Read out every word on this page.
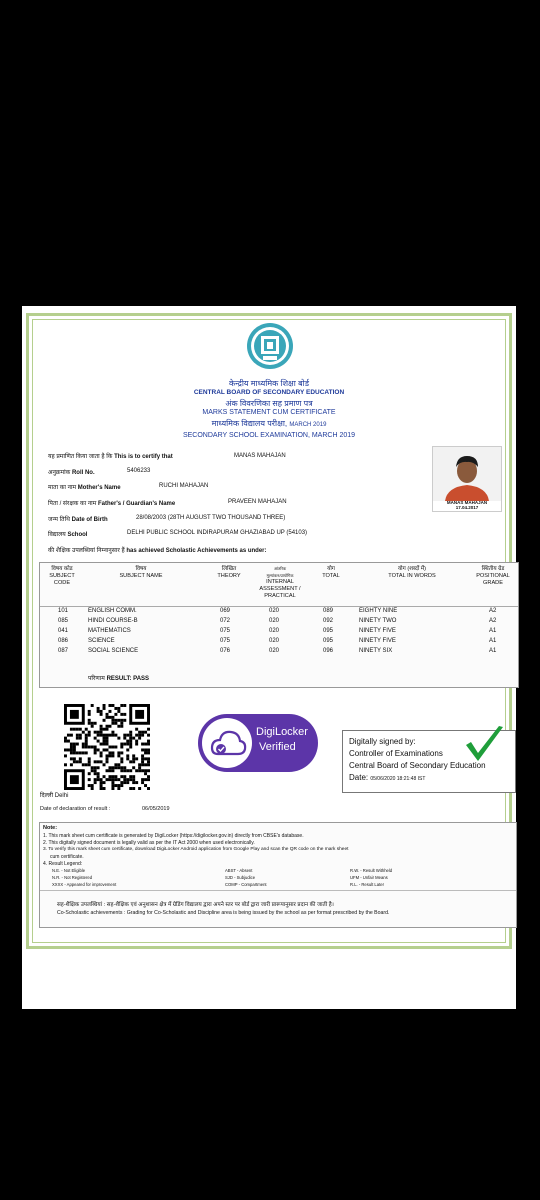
केन्द्रीय माध्यमिक शिक्षा बोर्ड
CENTRAL BOARD OF SECONDARY EDUCATION
अंक विवरणिका सह प्रमाण पत्र
MARKS STATEMENT CUM CERTIFICATE
माध्यमिक विद्यालय परीक्षा, MARCH 2019
SECONDARY SCHOOL EXAMINATION, MARCH 2019
यह प्रमाणित किया जाता है कि This is to certify that	MANAS MAHAJAN
अनुक्रमांक Roll No.	5406233
माता का नाम Mother's Name	RUCHI MAHAJAN
पिता / संरक्षक का नाम Father's / Guardian's Name	PRAVEEN MAHAJAN
जन्म तिथि Date of Birth	28/08/2003 (28TH AUGUST TWO THOUSAND THREE)
विद्यालय School	DELHI PUBLIC SCHOOL INDIRAPURAM GHAZIABAD UP (54103)
की शैक्षिक उपलब्धियां निम्नानुसार हैं has achieved Scholastic Achievements as under:
MANAS MAHAJAN
17.04.2017
विषय कोड
SUBJECT
CODE
विषय
SUBJECT NAME
लिखित
THEORY
आंतरिक
मूल्यांकन/प्रायोगिक
INTERNAL
ASSESSMENT /
PRACTICAL
योग
TOTAL
योग (शब्दों में)
TOTAL IN WORDS
स्थितीय ग्रेड
POSITIONAL
GRADE
101	ENGLISH COMM.	069	020	089	EIGHTY NINE	A2
085	HINDI COURSE-B	072	020	092	NINETY TWO	A2
041	MATHEMATICS	075	020	095	NINETY FIVE	A1
086	SCIENCE	075	020	095	NINETY FIVE	A1
087	SOCIAL SCIENCE	076	020	096	NINETY SIX	A1
परिणाम RESULT: PASS
DigiLocker
Verified	Digitally signed by:
Controller of Examinations
Central Board of Secondary Education
Date: 05/06/2020 18:21:48 IST
दिल्ली Delhi
Date of declaration of result :	06/05/2019
Note:
1. This mark sheet cum certificate is generated by DigiLocker (https://digilocker.gov.in) directly from CBSE's database.
2. This digitally signed document is legally valid as per the IT Act 2000 when used electronically.
3. To verify this mark sheet cum certificate, download DigiLocker Android application from Google Play and scan the QR code on the mark sheet
cum certificate.
4. Result Legend:
N.E. - Not Eligible	ABST - Absent	R.W. - Result Withheld
N.R. - Not Registered	SJD - Subjudice	UFM - Unfair Means
XXXX - Appeared for improvement	COMP - Compartment	R.L. - Result Later
सह-शैक्षिक उपलब्धियां : सह-शैक्षिक एवं अनुशासन क्षेत्र में ग्रेडिंग विद्यालय द्वारा अपने स्तर पर बोर्ड द्वारा जारी प्रारूपानुसार प्रदान की जाती है।
Co-Scholastic achievements : Grading for Co-Scholastic and Discipline area is being issued by the school as per format prescribed by the Board.
